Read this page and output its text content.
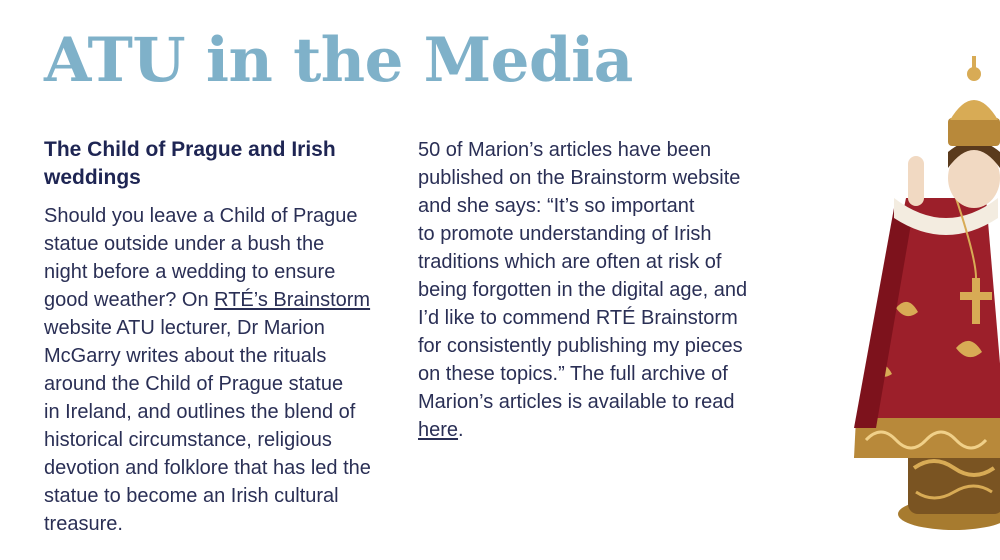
ATU in the Media
The Child of Prague and Irish
weddings

Should you leave a Child of Prague
statue outside under a bush the
night before a wedding to ensure
good weather? On RTÉ’s Brainstorm
website ATU lecturer, Dr Marion
McGarry writes about the rituals
around the Child of Prague statue
in Ireland, and outlines the blend of
historical circumstance, religious
devotion and folklore that has led the
statue to become an Irish cultural
treasure.

50 of Marion’s articles have been
published on the Brainstorm website
and she says: “It’s so important
to promote understanding of Irish
traditions which are often at risk of
being forgotten in the digital age, and
I’d like to commend RTÉ Brainstorm
for consistently publishing my pieces
on these topics.” The full archive of
Marion’s articles is available to read
here.
